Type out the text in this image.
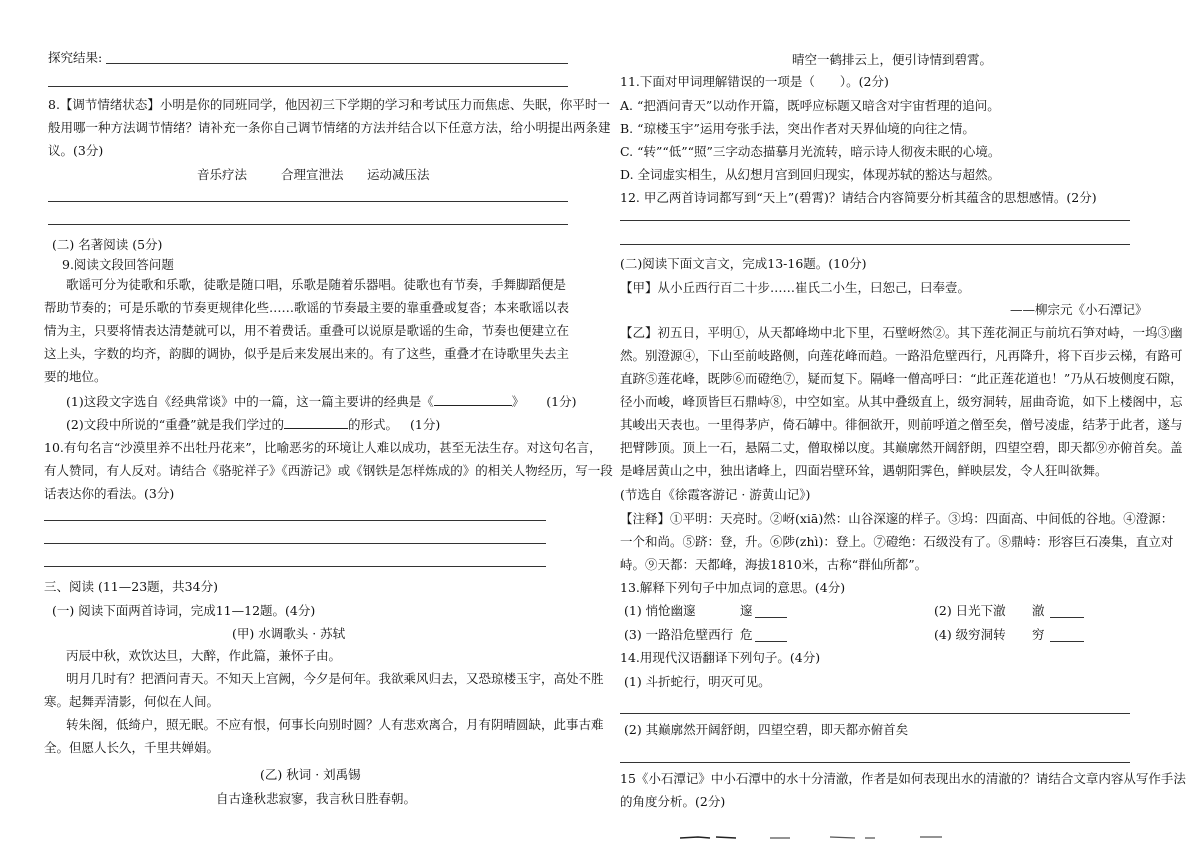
探究结果:
8.【调节情绪状态】小明是你的同班同学，他因初三下学期的学习和考试压力而焦虑、失眠，你平时一
般用哪一种方法调节情绪？请补充一条你自己调节情绪的方法并结合以下任意方法，给小明提出两条建
议。(3分)
音乐疗法	合理宣泄法 运动减压法
(二) 名著阅读 (5分)
9.阅读文段回答问题
歌谣可分为徒歌和乐歌，徒歌是随口唱，乐歌是随着乐器唱。徒歌也有节奏，手舞脚蹈便是
帮助节奏的；可是乐歌的节奏更规律化些……歌谣的节奏最主要的靠重叠或复沓；本来歌谣以表
情为主，只要将情表达清楚就可以，用不着费话。重叠可以说原是歌谣的生命，节奏也便建立在
这上头，字数的均齐，韵脚的调协，似乎是后来发展出来的。有了这些，重叠才在诗歌里失去主
要的地位。
(1)这段文字选自《经典常谈》中的一篇，这一篇主要讲的经典是《	》 (1分)
(2)文段中所说的“重叠”就是我们学过的	的形式。 (1分)
10.有句名言“沙漠里养不出牡丹花来”，比喻恶劣的环境让人难以成功，甚至无法生存。对这句名言，
有人赞同，有人反对。请结合《骆驼祥子》《西游记》或《钢铁是怎样炼成的》的相关人物经历，写一段
话表达你的看法。(3分)
三、阅读 (11—23题，共34分)
(一) 阅读下面两首诗词，完成11—12题。(4分)
(甲) 水调歌头 · 苏轼
丙辰中秋，欢饮达旦，大醉，作此篇，兼怀子由。
明月几时有？把酒问青天。不知天上宫阙，今夕是何年。我欲乘风归去，又恐琼楼玉宇，高处不胜
寒。起舞弄清影，何似在人间。
转朱阁，低绮户，照无眠。不应有恨，何事长向别时圆？人有悲欢离合，月有阴晴圆缺，此事古难
全。但愿人长久，千里共婵娟。
(乙) 秋词 · 刘禹锡
自古逢秋悲寂寥，我言秋日胜春朝。
晴空一鹤排云上，便引诗情到碧霄。
11.下面对甲词理解错误的一项是（　　）。(2分)
A. “把酒问青天”以动作开篇，既呼应标题又暗含对宇宙哲理的追问。
B. “琼楼玉宇”运用夸张手法，突出作者对天界仙境的向往之情。
C. “转”“低”“照”三字动态描摹月光流转，暗示诗人彻夜未眠的心境。
D. 全词虚实相生，从幻想月宫到回归现实，体现苏轼的豁达与超然。
12. 甲乙两首诗词都写到“天上”(碧霄)？请结合内容简要分析其蕴含的思想感情。(2分)
(二)阅读下面文言文，完成13-16题。(10分)
【甲】从小丘西行百二十步……崔氏二小生，曰恕己，曰奉壹。
——柳宗元《小石潭记》
【乙】初五日，平明①，从天都峰坳中北下里，石壁岈然②。其下莲花洞正与前坑石笋对峙，一坞③幽
然。别澄源④，下山至前岐路侧，向莲花峰而趋。一路沿危壁西行，凡再降升，将下百步云梯，有路可
直跻⑤莲花峰，既陟⑥而磴绝⑦，疑而复下。隔峰一僧高呼曰：“此正莲花道也！”乃从石坡侧度石隙，
径小而峻，峰顶皆巨石鼎峙⑧，中空如室。从其中叠级直上，级穷洞转，屈曲奇诡，如下上楼阁中，忘
其峻出天表也。一里得茅庐，倚石罅中。徘徊欲开，则前呼道之僧至矣，僧号凌虚，结茅于此者，遂与
把臂陟顶。顶上一石，悬隔二丈，僧取梯以度。其巅廓然开阔舒朗，四望空碧，即天都⑨亦俯首矣。盖
是峰居黄山之中，独出诸峰上，四面岩壁环耸，遇朝阳霁色，鲜映层发，令人狂叫欲舞。
(节选自《徐霞客游记 · 游黄山记》)
【注释】①平明：天亮时。②岈(xiā)然：山谷深邃的样子。③坞：四面高、中间低的谷地。④澄源：
一个和尚。⑤跻：登，升。⑥陟(zhì)：登上。⑦磴绝：石级没有了。⑧鼎峙：形容巨石凑集，直立对
峙。⑨天都：天都峰，海拔1810米，古称“群仙所都”。
13.解释下列句子中加点词的意思。(4分)
(1) 悄怆幽邃	邃	(2) 日光下澈 澈
(3) 一路沿危壁西行 危	(4) 级穷洞转 穷
14.用现代汉语翻译下列句子。(4分)
(1) 斗折蛇行，明灭可见。
(2) 其巅廓然开阔舒朗，四望空碧，即天都亦俯首矣
15《小石潭记》中小石潭中的水十分清澈，作者是如何表现出水的清澈的？请结合文章内容从写作手法
的角度分析。(2分)
